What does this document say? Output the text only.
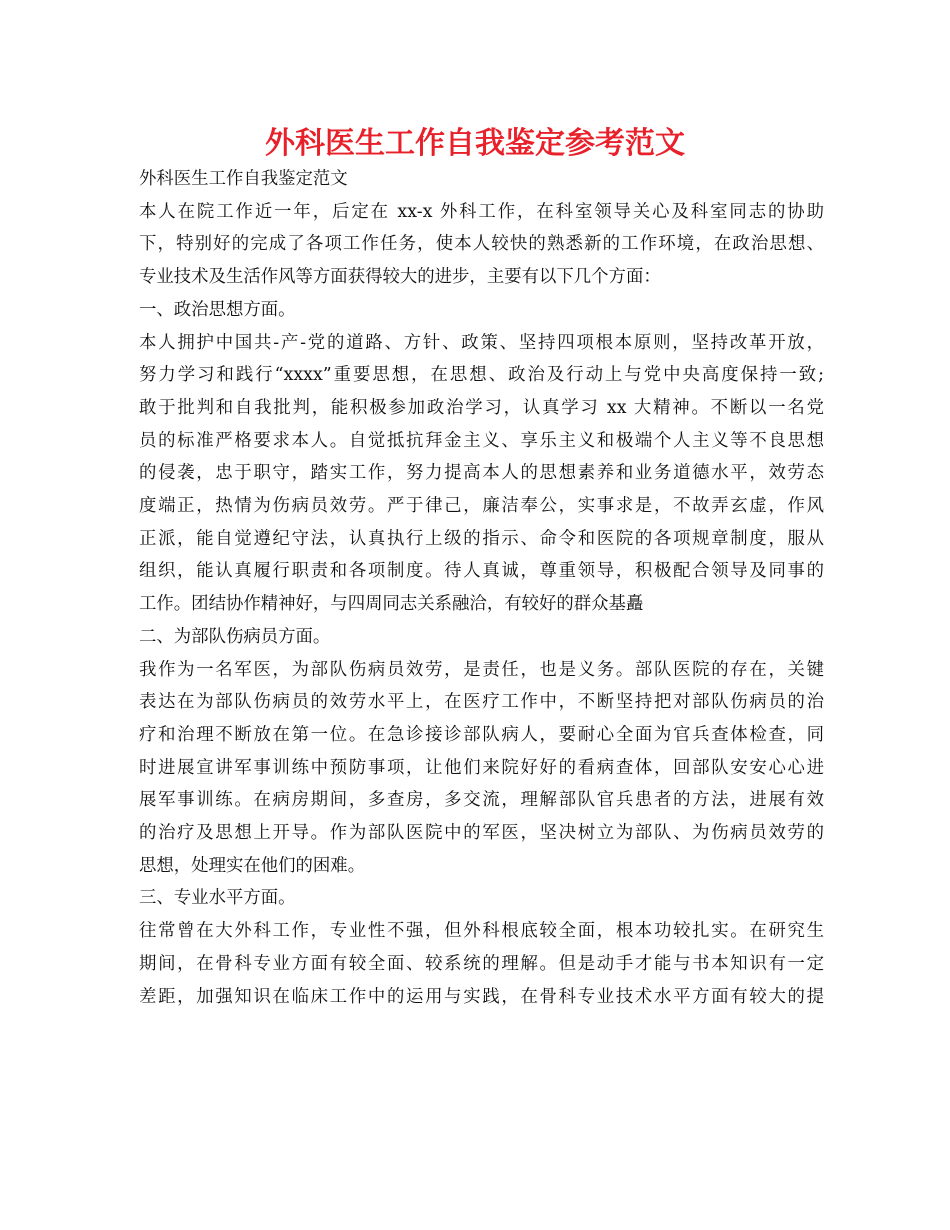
外科医生工作自我鉴定参考范文
外科医生工作自我鉴定范文
本人在院工作近一年，后定在 xx-x 外科工作，在科室领导关心及科室同志的协助
下，特别好的完成了各项工作任务，使本人较快的熟悉新的工作环境，在政治思想、
专业技术及生活作风等方面获得较大的进步，主要有以下几个方面：
一、政治思想方面。
本人拥护中国共-产-党的道路、方针、政策、坚持四项根本原则，坚持改革开放，
努力学习和践行“xxxx”重要思想，在思想、政治及行动上与党中央高度保持一致;
敢于批判和自我批判，能积极参加政治学习，认真学习 xx 大精神。不断以一名党
员的标准严格要求本人。自觉抵抗拜金主义、享乐主义和极端个人主义等不良思想
的侵袭，忠于职守，踏实工作，努力提高本人的思想素养和业务道德水平，效劳态
度端正，热情为伤病员效劳。严于律己，廉洁奉公，实事求是，不故弄玄虚，作风
正派，能自觉遵纪守法，认真执行上级的指示、命令和医院的各项规章制度，服从
组织，能认真履行职责和各项制度。待人真诚，尊重领导，积极配合领导及同事的
工作。团结协作精神好，与四周同志关系融洽，有较好的群众基矗
二、为部队伤病员方面。
我作为一名军医，为部队伤病员效劳，是责任，也是义务。部队医院的存在，关键
表达在为部队伤病员的效劳水平上，在医疗工作中，不断坚持把对部队伤病员的治
疗和治理不断放在第一位。在急诊接诊部队病人，要耐心全面为官兵查体检查，同
时进展宣讲军事训练中预防事项，让他们来院好好的看病查体，回部队安安心心进
展军事训练。在病房期间，多查房，多交流，理解部队官兵患者的方法，进展有效
的治疗及思想上开导。作为部队医院中的军医，坚决树立为部队、为伤病员效劳的
思想，处理实在他们的困难。
三、专业水平方面。
往常曾在大外科工作，专业性不强，但外科根底较全面，根本功较扎实。在研究生
期间，在骨科专业方面有较全面、较系统的理解。但是动手才能与书本知识有一定
差距，加强知识在临床工作中的运用与实践，在骨科专业技术水平方面有较大的提
